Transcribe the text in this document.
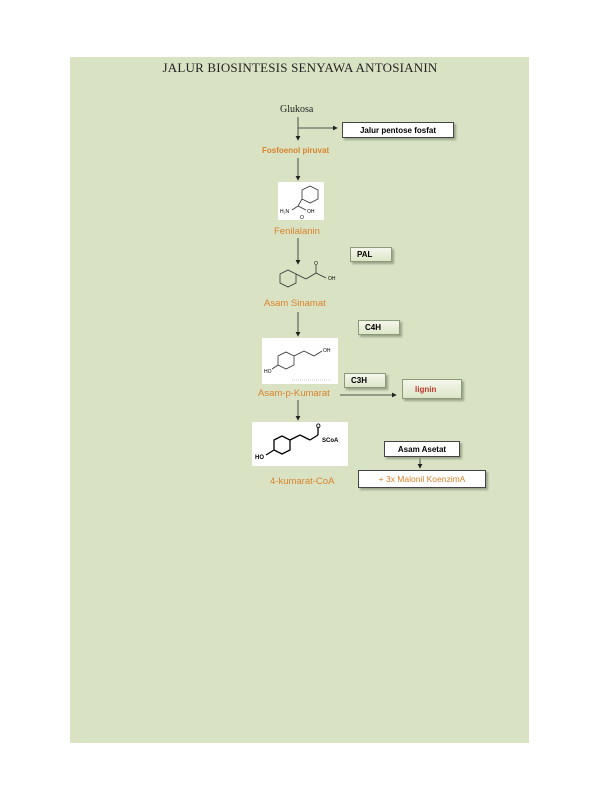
JALUR BIOSINTESIS SENYAWA ANTOSIANIN
Glukosa
Fosfoenol piruvat
Jalur pentose fosfat
H₂N	OH
O
Fenilalanin
O
OH
PAL
Asam Sinamat
HO
OH
C4H
C3H
Asam-p-Kumarat	lignin
O
HO
SCoA
4-kumarat-CoA
Asam Asetat
+ 3x Malonil KoenzimA
